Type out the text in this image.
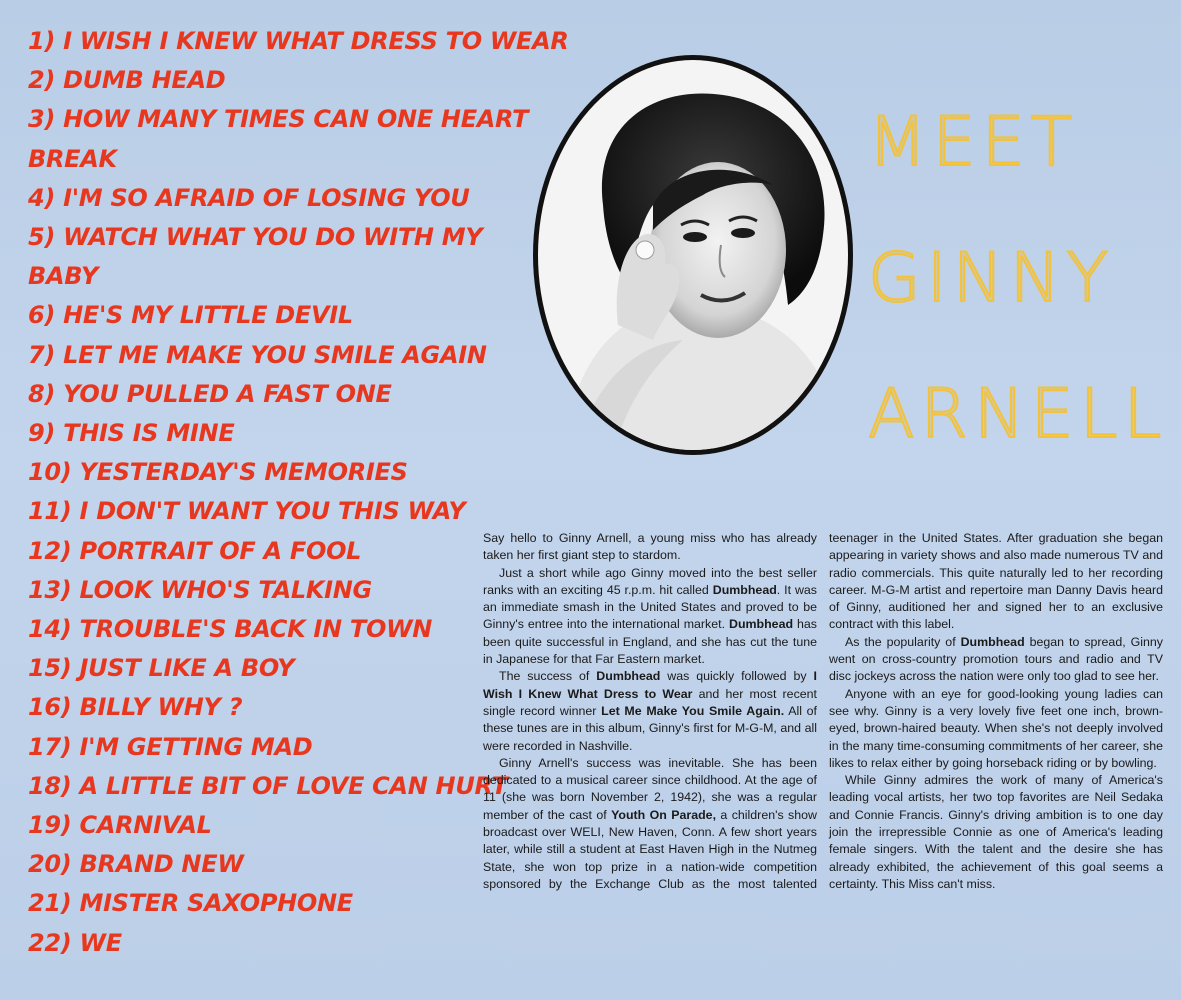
1) I WISH I KNEW WHAT DRESS TO WEAR
2) DUMB HEAD
3) HOW MANY TIMES CAN ONE HEART
BREAK
4) I'M SO AFRAID OF LOSING YOU
5) WATCH WHAT YOU DO WITH MY
BABY
6) HE'S MY LITTLE DEVIL
7) LET ME MAKE YOU SMILE AGAIN
8) YOU PULLED A FAST ONE
9) THIS IS MINE
10) YESTERDAY'S MEMORIES
11) I DON'T WANT YOU THIS WAY
12) PORTRAIT OF A FOOL
13) LOOK WHO'S TALKING
14) TROUBLE'S BACK IN TOWN
15) JUST LIKE A BOY
16) BILLY WHY ?
17) I'M GETTING MAD
18) A LITTLE BIT OF LOVE CAN HURT
19) CARNIVAL
20) BRAND NEW
21) MISTER SAXOPHONE
22) WE
MEET
GINNY
ARNELL

Say hello to Ginny Arnell, a young miss who has already taken her first giant step to stardom.

Just a short while ago Ginny moved into the best seller ranks with an exciting 45 r.p.m. hit called Dumbhead. It was an immediate smash in the United States and proved to be Ginny's entree into the international market. Dumbhead has been quite successful in England, and she has cut the tune in Japanese for that Far Eastern market.

The success of Dumbhead was quickly followed by I Wish I Knew What Dress to Wear and her most recent single record winner Let Me Make You Smile Again. All of these tunes are in this album, Ginny's first for M-G-M, and all were recorded in Nashville.

Ginny Arnell's success was inevitable. She has been dedicated to a musical career since childhood. At the age of 11 (she was born November 2, 1942), she was a regular member of the cast of Youth On Parade, a children's show broadcast over WELI, New Haven, Conn. A few short years later, while still a student at East Haven High in the Nutmeg State, she won top prize in a nation-wide competition sponsored by the Exchange Club as the most talented teenager in the United States. After graduation she began appearing in variety shows and also made numerous TV and radio commercials. This quite naturally led to her recording career. M-G-M artist and repertoire man Danny Davis heard of Ginny, auditioned her and signed her to an exclusive contract with this label.

As the popularity of Dumbhead began to spread, Ginny went on cross-country promotion tours and radio and TV disc jockeys across the nation were only too glad to see her.

Anyone with an eye for good-looking young ladies can see why. Ginny is a very lovely five feet one inch, brown-eyed, brown-haired beauty. When she's not deeply involved in the many time-consuming commitments of her career, she likes to relax either by going horseback riding or by bowling.

While Ginny admires the work of many of America's leading vocal artists, her two top favorites are Neil Sedaka and Connie Francis. Ginny's driving ambition is to one day join the irrepressible Connie as one of America's leading female singers. With the talent and the desire she has already exhibited, the achievement of this goal seems a certainty. This Miss can't miss.
